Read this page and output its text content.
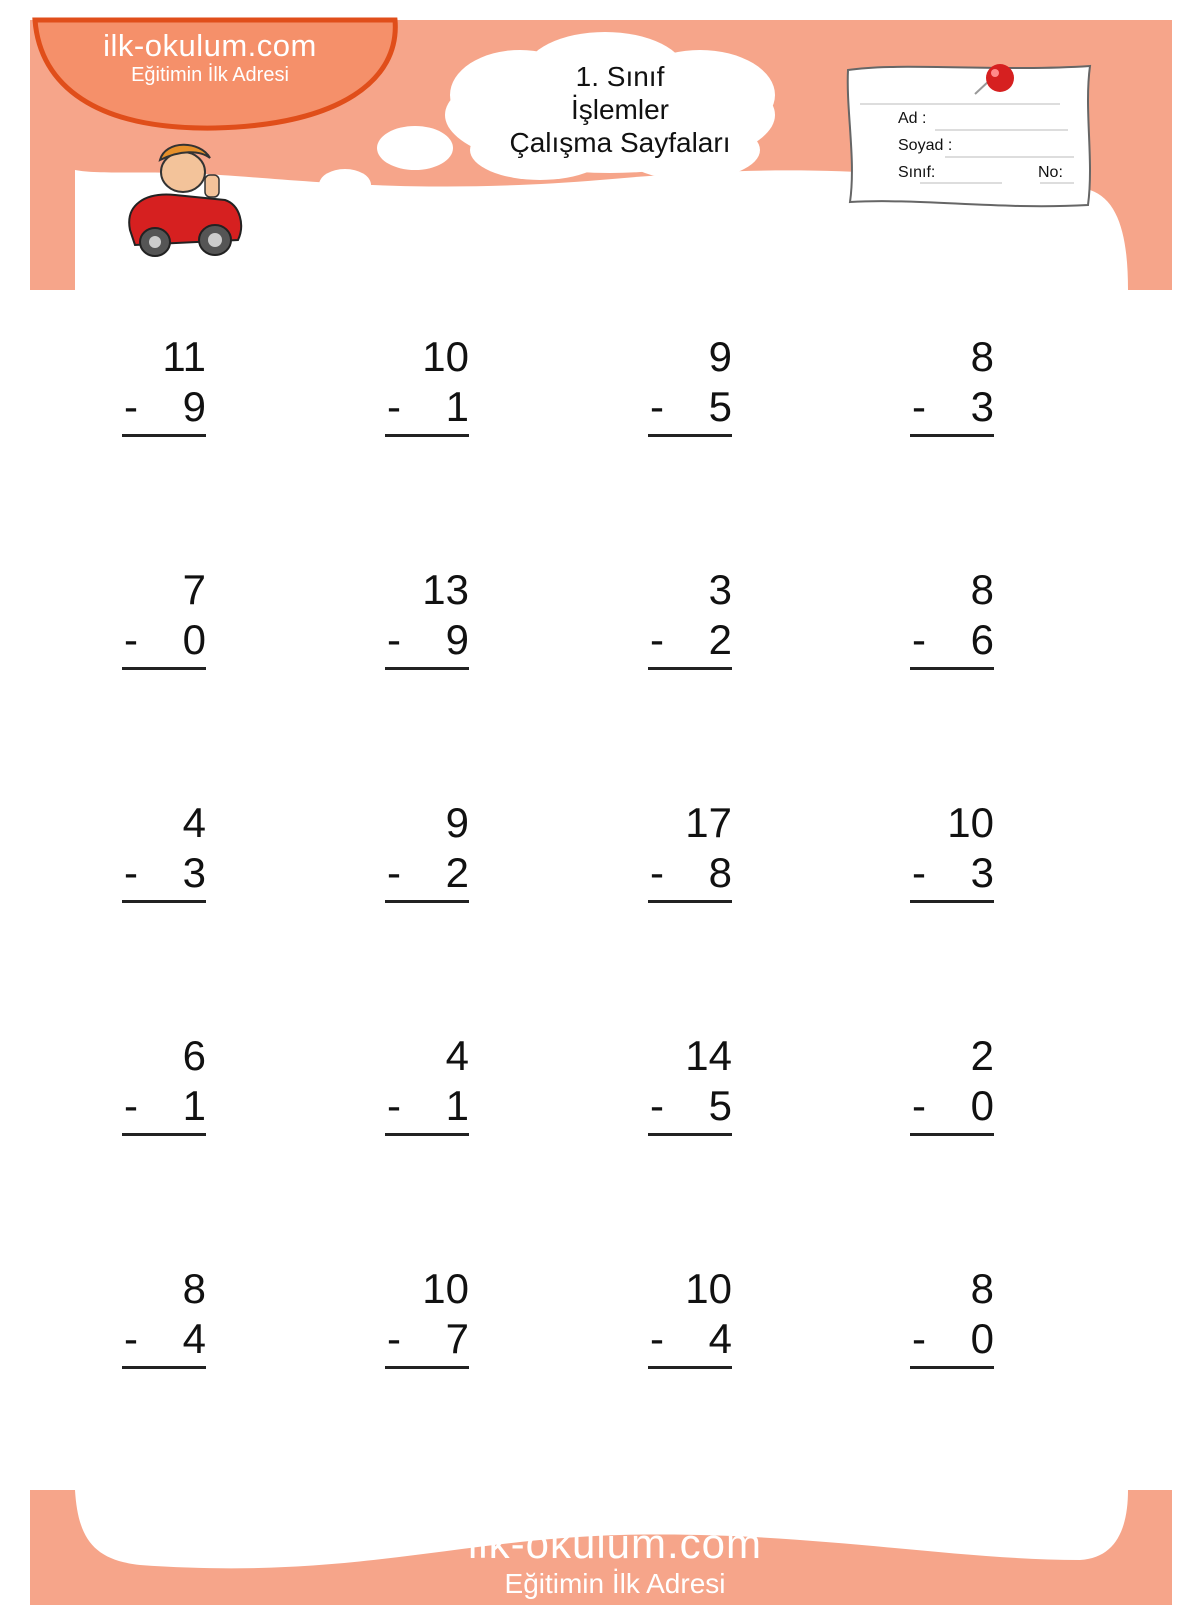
ilk-okulum.com
Eğitimin İlk Adresi	1. Sınıf
İşlemler
Çalışma Sayfaları
Ad :
Soyad :
Sınıf:	No:
11
- 9
10
- 1
9
- 5
8
- 3
7
- 0
13
- 9
3
- 2
8
- 6
4
- 3
9
- 2
17
- 8
10
- 3
6
- 1
4
- 1
14
- 5
2
- 0
8
- 4
10
- 7
10
- 4
8
- 0
ilk-okulum.com
Eğitimin İlk Adresi
